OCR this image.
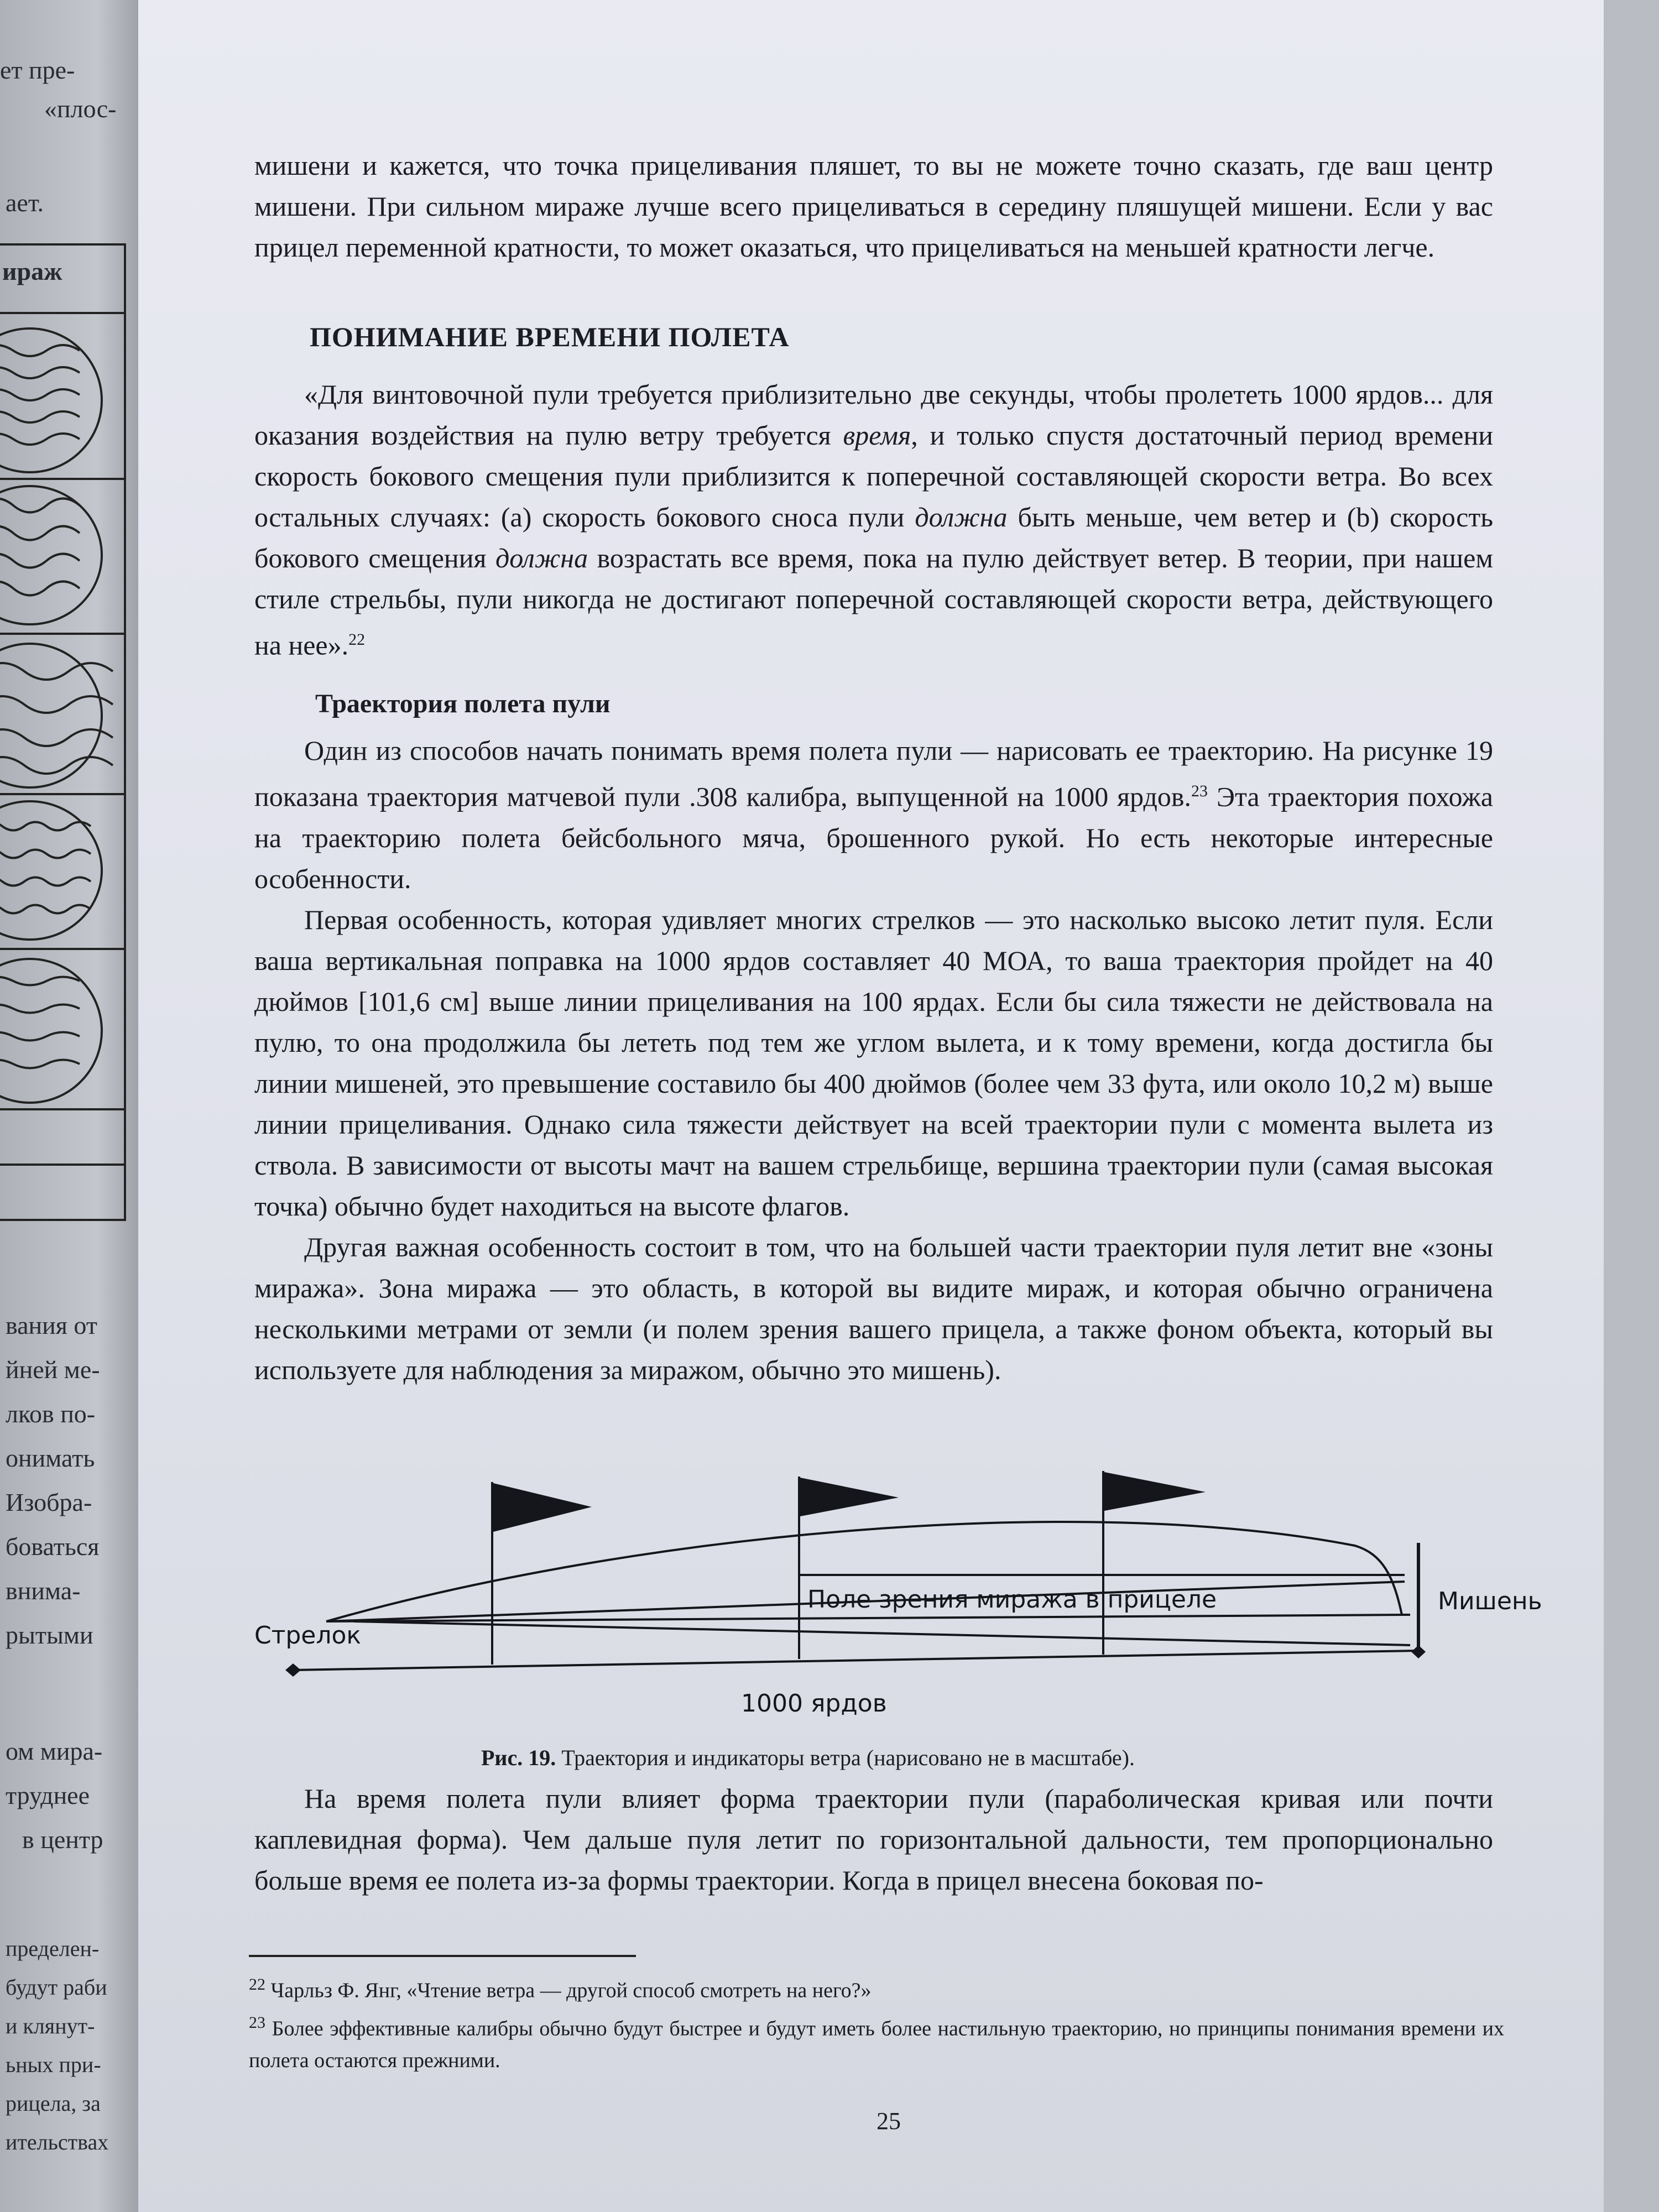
ет пре-
«плос-
ает.
ираж
вания от
йней ме-
лков по-
онимать
Изобра-
боваться
внима-
рытыми
ом мира-
труднее
в центр
пределен-
будут раби
и клянут-
ьных при-
рицела, за
ительствах

мишени и кажется, что точка прицеливания пляшет, то вы не можете точно сказать, где ваш центр мишени. При сильном мираже лучше всего прицеливаться в середину пляшущей мишени. Если у вас прицел переменной кратности, то может оказаться, что прицеливаться на меньшей кратности легче.

ПОНИМАНИЕ ВРЕМЕНИ ПОЛЕТА

«Для винтовочной пули требуется приблизительно две секунды, чтобы пролететь 1000 ярдов... для оказания воздействия на пулю ветру требуется время, и только спустя достаточный период времени скорость бокового смещения пули приблизится к поперечной составляющей скорости ветра. Во всех остальных случаях: (а) скорость бокового сноса пули должна быть меньше, чем ветер и (b) скорость бокового смещения должна возрастать все время, пока на пулю действует ветер. В теории, при нашем стиле стрельбы, пули никогда не достигают поперечной составляющей скорости ветра, действующего на нее».$^{22}$

Траектория полета пули

Один из способов начать понимать время полета пули — нарисовать ее траекторию. На рисунке 19 показана траектория матчевой пули .308 калибра, выпущенной на 1000 ярдов.$^{23}$ Эта траектория похожа на траекторию полета бейсбольного мяча, брошенного рукой. Но есть некоторые интересные особенности.

Первая особенность, которая удивляет многих стрелков — это насколько высоко летит пуля. Если ваша вертикальная поправка на 1000 ярдов составляет 40 МОА, то ваша траектория пройдет на 40 дюймов [101,6 см] выше линии прицеливания на 100 ярдах. Если бы сила тяжести не действовала на пулю, то она продолжила бы лететь под тем же углом вылета, и к тому времени, когда достигла бы линии мишеней, это превышение составило бы 400 дюймов (более чем 33 фута, или около 10,2 м) выше линии прицеливания. Однако сила тяжести действует на всей траектории пули с момента вылета из ствола. В зависимости от высоты мачт на вашем стрельбище, вершина траектории пули (самая высокая точка) обычно будет находиться на высоте флагов.

Другая важная особенность состоит в том, что на большей части траектории пуля летит вне «зоны миража». Зона миража — это область, в которой вы видите мираж, и которая обычно ограничена несколькими метрами от земли (и полем зрения вашего прицела, а также фоном объекта, который вы используете для наблюдения за миражом, обычно это мишень).

Стрелок
Мишень
Поле зрения миража в прицеле
1000 ярдов
Рис. 19. Траектория и индикаторы ветра (нарисовано не в масштабе).

На время полета пули влияет форма траектории пули (параболическая кривая или почти каплевидная форма). Чем дальше пуля летит по горизонтальной дальности, тем пропорционально больше время ее полета из-за формы траектории. Когда в прицел внесена боковая по-

$^{22}$ Чарльз Ф. Янг, «Чтение ветра — другой способ смотреть на него?»
$^{23}$ Более эффективные калибры обычно будут быстрее и будут иметь более настильную траекторию, но принципы понимания времени их полета остаются прежними.
25
